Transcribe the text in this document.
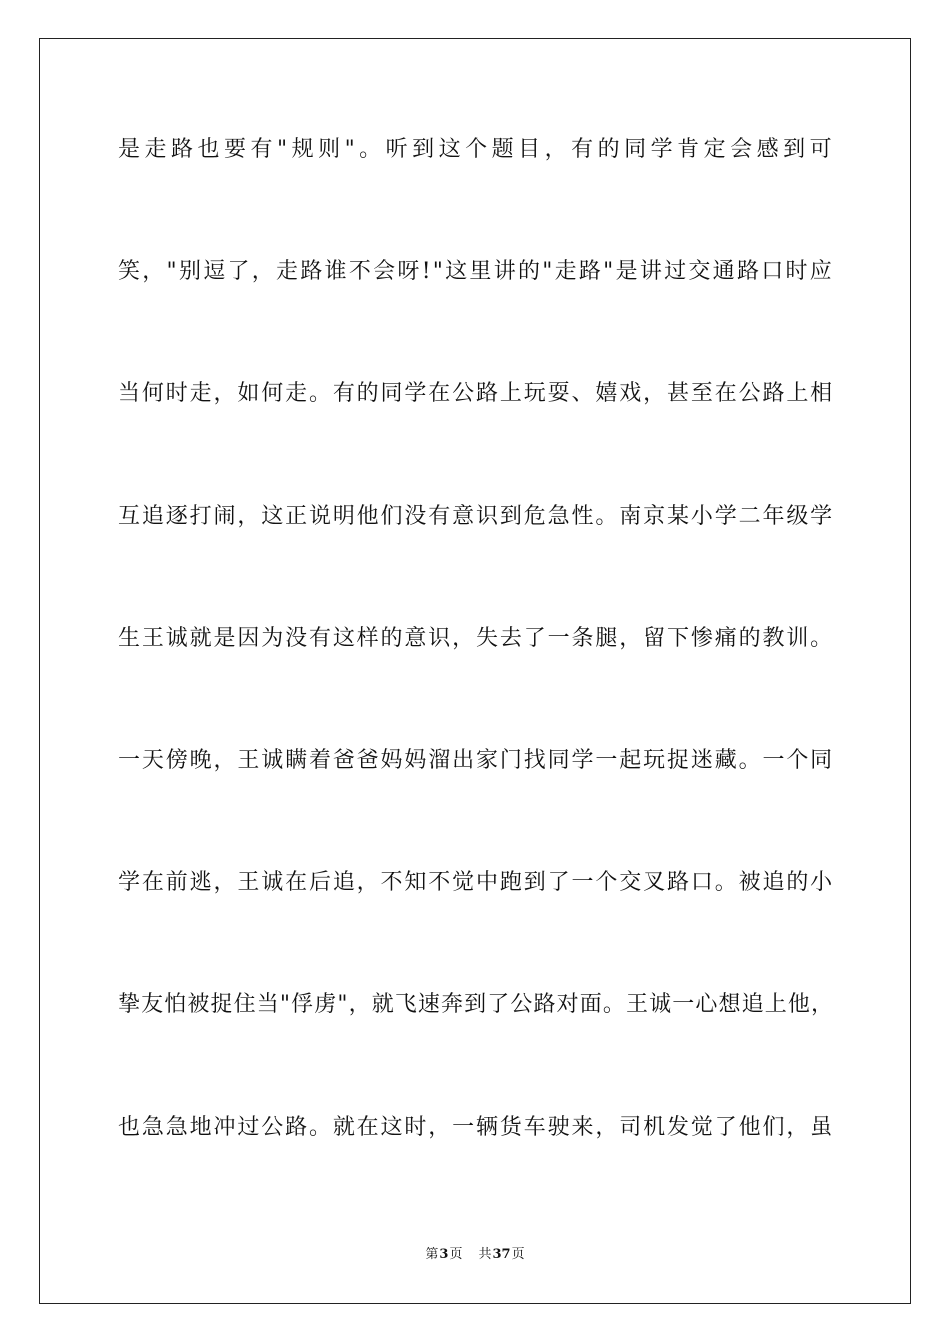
是走路也要有"规则"。听到这个题目，有的同学肯定会感到可
笑，"别逗了，走路谁不会呀!"这里讲的"走路"是讲过交通路口时应
当何时走，如何走。有的同学在公路上玩耍、嬉戏，甚至在公路上相
互追逐打闹，这正说明他们没有意识到危急性。南京某小学二年级学
生王诚就是因为没有这样的意识，失去了一条腿，留下惨痛的教训。
一天傍晚，王诚瞒着爸爸妈妈溜出家门找同学一起玩捉迷藏。一个同
学在前逃，王诚在后追，不知不觉中跑到了一个交叉路口。被追的小
挚友怕被捉住当"俘虏"，就飞速奔到了公路对面。王诚一心想追上他，
也急急地冲过公路。就在这时，一辆货车驶来，司机发觉了他们，虽
第3页 共37页
